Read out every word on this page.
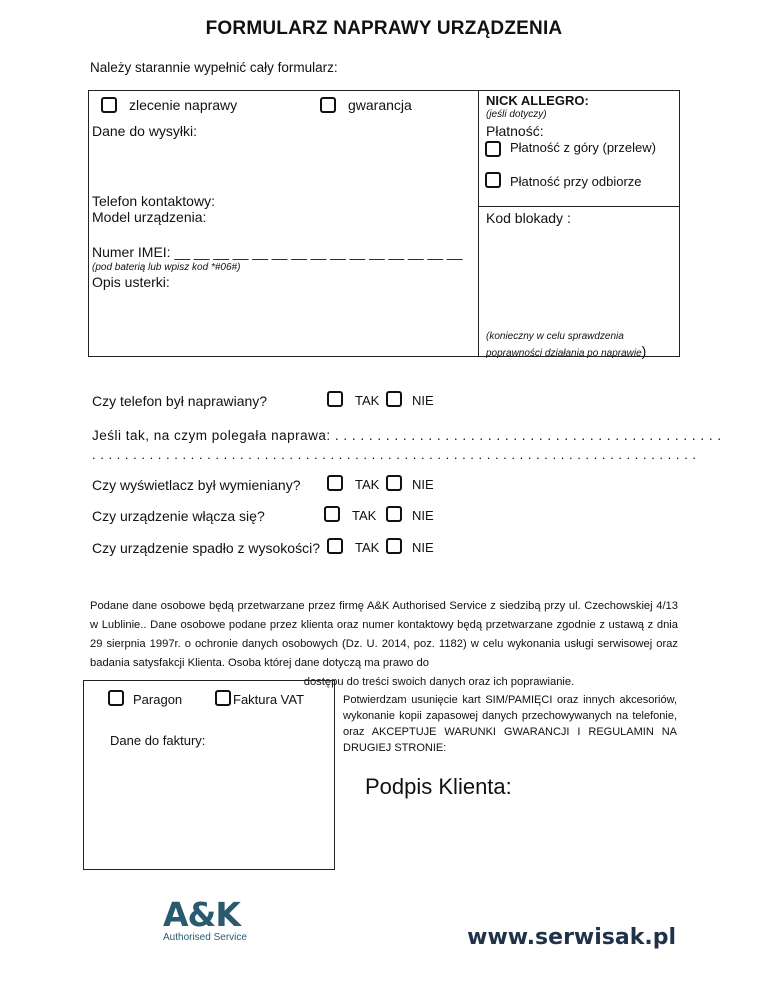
FORMULARZ NAPRAWY URZĄDZENIA
Należy starannie wypełnić cały formularz:
zlecenie naprawy	gwarancja
Dane do wysyłki:
Telefon kontaktowy:
Model urządzenia:
Numer IMEI: __ __ __ __ __ __ __ __ __ __ __ __ __ __ __
(pod baterią lub wpisz kod *#06#)
Opis usterki:
NICK ALLEGRO:
(jeśli dotyczy)
Płatność:
Płatność z góry (przelew)
Płatność przy odbiorze
Kod blokady :
(konieczny w celu sprawdzenia
poprawności działania po naprawie)
Czy telefon był naprawiany?	TAK	NIE
Jeśli tak, na czym polegała naprawa: . . . . . . . . . . . . . . . . . . . . . . . . . . . . . . . . . . . . . . . . . . . . . .
. . . . . . . . . . . . . . . . . . . . . . . . . . . . . . . . . . . . . . . . . . . . . . . . . . . . . . . . . . . . . . . . . . . . . . . . . .
Czy wyświetlacz był wymieniany?	TAK	NIE
Czy urządzenie włącza się?	TAK	NIE
Czy urządzenie spadło z wysokości?	TAK	NIE
Podane dane osobowe będą przetwarzane przez firmę A&K Authorised Service z siedzibą przy ul. Czechowskiej 4/13 w Lublinie.. Dane osobowe podane przez klienta oraz numer kontaktowy będą przetwarzane zgodnie z ustawą z dnia 29 sierpnia 1997r. o ochronie danych osobowych (Dz. U. 2014, poz. 1182) w celu wykonania usługi serwisowej oraz badania satysfakcji Klienta. Osoba której dane dotyczą ma prawo do
dostępu do treści swoich danych oraz ich poprawianie.
Paragon	Faktura VAT
Dane do faktury:
Potwierdzam usunięcie kart SIM/PAMIĘCI oraz innych akcesoriów, wykonanie kopii zapasowej danych przechowywanych na telefonie, oraz AKCEPTUJE WARUNKI GWARANCJI I REGULAMIN NA DRUGIEJ STRONIE:
Podpis Klienta:
A&K
Authorised Service	www.serwisak.pl
